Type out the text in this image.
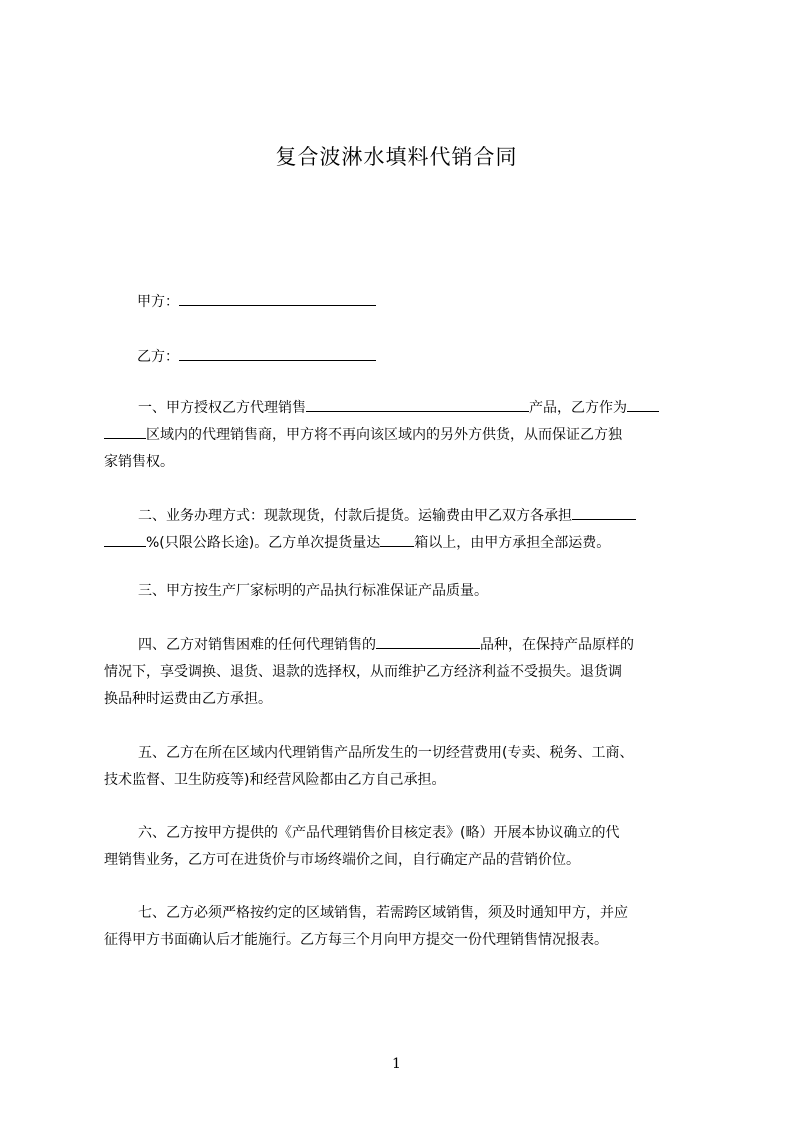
复合波淋水填料代销合同
甲方：
乙方：
一、甲方授权乙方代理销售	产品，乙方作为
区域内的代理销售商，甲方将不再向该区域内的另外方供货，从而保证乙方独
家销售权。
二、业务办理方式：现款现货，付款后提货。运输费由甲乙双方各承担
%(只限公路长途)。乙方单次提货量达 箱以上，由甲方承担全部运费。
三、甲方按生产厂家标明的产品执行标准保证产品质量。
四、乙方对销售困难的任何代理销售的	品种，在保持产品原样的
情况下，享受调换、退货、退款的选择权，从而维护乙方经济利益不受损失。退货调
换品种时运费由乙方承担。
五、乙方在所在区域内代理销售产品所发生的一切经营费用(专卖、税务、工商、
技术监督、卫生防疫等)和经营风险都由乙方自己承担。
六、乙方按甲方提供的《产品代理销售价目核定表》(略）开展本协议确立的代
理销售业务，乙方可在进货价与市场终端价之间，自行确定产品的营销价位。
七、乙方必须严格按约定的区域销售，若需跨区域销售，须及时通知甲方，并应
征得甲方书面确认后才能施行。乙方每三个月向甲方提交一份代理销售情况报表。
1
